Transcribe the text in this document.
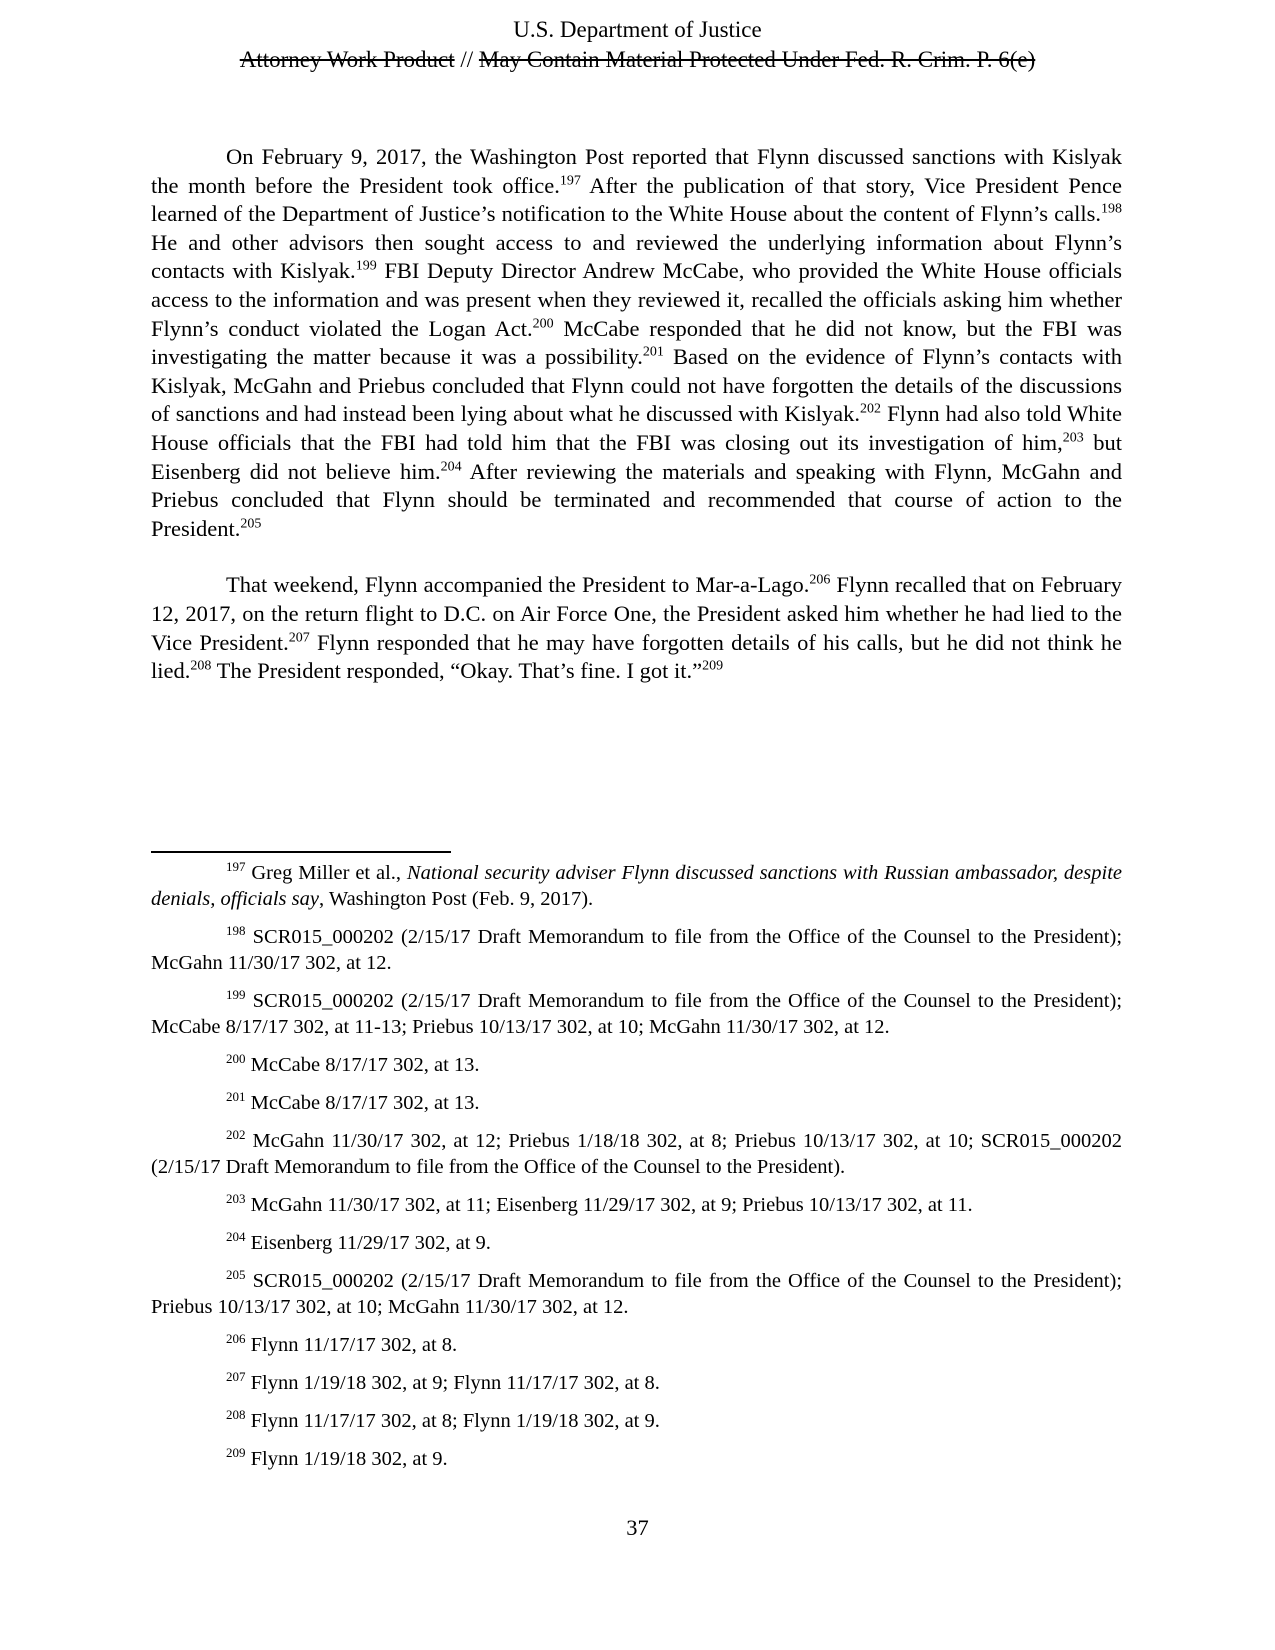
U.S. Department of Justice
Attorney Work Product // May Contain Material Protected Under Fed. R. Crim. P. 6(e)

On February 9, 2017, the Washington Post reported that Flynn discussed sanctions with Kislyak the month before the President took office.$^{197}$ After the publication of that story, Vice President Pence learned of the Department of Justice’s notification to the White House about the content of Flynn’s calls.$^{198}$ He and other advisors then sought access to and reviewed the underlying information about Flynn’s contacts with Kislyak.$^{199}$ FBI Deputy Director Andrew McCabe, who provided the White House officials access to the information and was present when they reviewed it, recalled the officials asking him whether Flynn’s conduct violated the Logan Act.$^{200}$ McCabe responded that he did not know, but the FBI was investigating the matter because it was a possibility.$^{201}$ Based on the evidence of Flynn’s contacts with Kislyak, McGahn and Priebus concluded that Flynn could not have forgotten the details of the discussions of sanctions and had instead been lying about what he discussed with Kislyak.$^{202}$ Flynn had also told White House officials that the FBI had told him that the FBI was closing out its investigation of him,$^{203}$ but Eisenberg did not believe him.$^{204}$ After reviewing the materials and speaking with Flynn, McGahn and Priebus concluded that Flynn should be terminated and recommended that course of action to the President.$^{205}$

That weekend, Flynn accompanied the President to Mar-a-Lago.$^{206}$ Flynn recalled that on February 12, 2017, on the return flight to D.C. on Air Force One, the President asked him whether he had lied to the Vice President.$^{207}$ Flynn responded that he may have forgotten details of his calls, but he did not think he lied.$^{208}$ The President responded, “Okay. That’s fine. I got it.”$^{209}$

$^{197}$ Greg Miller et al., National security adviser Flynn discussed sanctions with Russian ambassador, despite denials, officials say, Washington Post (Feb. 9, 2017).

$^{198}$ SCR015_000202 (2/15/17 Draft Memorandum to file from the Office of the Counsel to the President); McGahn 11/30/17 302, at 12.

$^{199}$ SCR015_000202 (2/15/17 Draft Memorandum to file from the Office of the Counsel to the President); McCabe 8/17/17 302, at 11-13; Priebus 10/13/17 302, at 10; McGahn 11/30/17 302, at 12.

$^{200}$ McCabe 8/17/17 302, at 13.

$^{201}$ McCabe 8/17/17 302, at 13.

$^{202}$ McGahn 11/30/17 302, at 12; Priebus 1/18/18 302, at 8; Priebus 10/13/17 302, at 10; SCR015_000202 (2/15/17 Draft Memorandum to file from the Office of the Counsel to the President).

$^{203}$ McGahn 11/30/17 302, at 11; Eisenberg 11/29/17 302, at 9; Priebus 10/13/17 302, at 11.

$^{204}$ Eisenberg 11/29/17 302, at 9.

$^{205}$ SCR015_000202 (2/15/17 Draft Memorandum to file from the Office of the Counsel to the President); Priebus 10/13/17 302, at 10; McGahn 11/30/17 302, at 12.

$^{206}$ Flynn 11/17/17 302, at 8.

$^{207}$ Flynn 1/19/18 302, at 9; Flynn 11/17/17 302, at 8.

$^{208}$ Flynn 11/17/17 302, at 8; Flynn 1/19/18 302, at 9.

$^{209}$ Flynn 1/19/18 302, at 9.

37
